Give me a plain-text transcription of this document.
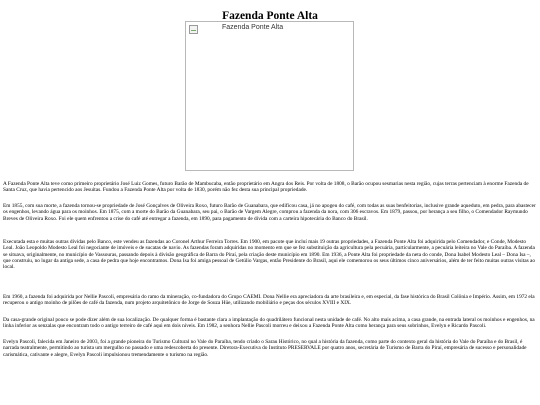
Fazenda Ponte Alta
Fazenda Ponte Alta

A Fazenda Ponte Alta teve como primeiro proprietário José Luiz Gomes, futuro Barão de Mambucaba, então proprietário em Angra dos Reis. Por volta de 1808, o Barão ocupou sesmarias nesta região, cujas terras pertenciam à enorme Fazenda de Santa Cruz, que havia pertencido aos Jesuítas. Fundou a Fazenda Ponte Alta por volta de 1830, porém não fez desta sua principal propriedade.

Em 1855, com sua morte, a fazenda tornou-se propriedade de José Gonçalves de Oliveira Roxo, futuro Barão de Guanabara, que edificou casa, já no apogeu do café, com todas as suas benfeitorias, inclusive grande aqueduto, em pedra, para abastecer os engenhos, levando água para os moinhos. Em 1875, com a morte do Barão da Guanabara, seu pai, o Barão de Vargem Alegre, comprou a fazenda da nora, com 306 escravos. Em 1879, passou, por herança a seu filho, o Comendador Raymundo Breves de Oliveira Roxo. Foi ele quem enfrentou a crise do café até entregar a fazenda, em 1890, para pagamento de dívida com a carteira hipotecária do Banco do Brasil.

Executada esta e muitas outras dívidas pelo Banco, este vendeu as fazendas ao Coronel Arthur Ferreira Torres. Em 1900, em pacote que incluí mais 19 outras propriedades, a Fazenda Ponte Alta foi adquirida pelo Comendador, e Conde, Modesto Leal. João Leopoldo Modesto Leal foi negociante de imóveis e de sucatas de navio. As fazendas foram adquiridas no momento em que se fez substituição da agricultura pela pecuária, particularmente, a pecuária leiteira no Vale do Paraíba. A fazenda se situava, originalmente, no município de Vassouras, passando depois à divisão geográfica de Barra do Piraí, pela criação deste município em 1890. Em 1936, a Ponte Alta foi propriedade da neta do conde, Dona Isabel Modesto Leal – Dona Isa –, que construiu, no lugar da antiga sede, a casa de pedra que hoje encontramos. Dona Isa foi amiga pessoal de Getúlio Vargas, então Presidente do Brasil, aqui ele comemorou os seus últimos cinco aniversários, além de ter feito muitas outras visitas ao local.

Em 1960, a fazenda foi adquirida por Nellie Pascoli, empresária do ramo da mineração, co-fundadora do Grupo CAEMI. Dona Nellie era apreciadora da arte brasileira e, em especial, da fase histórica do Brasil Colônia e Império. Assim, em 1972 ela recuperou o antigo moinho de pilões de café da fazenda, num projeto arquitetônico de Jorge de Souza Hüe, utilizando mobiliário e peças dos séculos XVIII e XIX.

Da casa-grande original pouco se pode dizer além de sua localização. De qualquer forma é bastante clara a implantação do quadrilátero funcional nesta unidade de café. No alto mais acima, a casa grande, na entrada lateral os moinhos e engenhos, na linha inferior as senzalas que encontram todo o antigo terreiro de café aqui em dois níveis. Em 1982, a senhora Nellie Pascoli morreu e deixou a Fazenda Ponte Alta como herança para seus sobrinhos, Evelyn e Ricardo Pascoli.

Evelyn Pascoli, falecida em Janeiro de 2003, foi a grande pioneira do Turismo Cultural no Vale do Paraíba, tendo criado o Sarau Histórico, no qual a história da fazenda, como parte do contexto geral da história do Vale do Paraíba e do Brasil, é narrada teatralmente, permitindo ao turista um mergulho no passado e uma redescoberta do presente. Diretora-Executiva do Instituto PRESERVALE por quatro anos, secretária de Turismo de Barra do Piraí, empresária de sucesso e personalidade carismática, cativante e alegre, Evelyn Pascoli impulsionou tremendamente o turismo na região.
